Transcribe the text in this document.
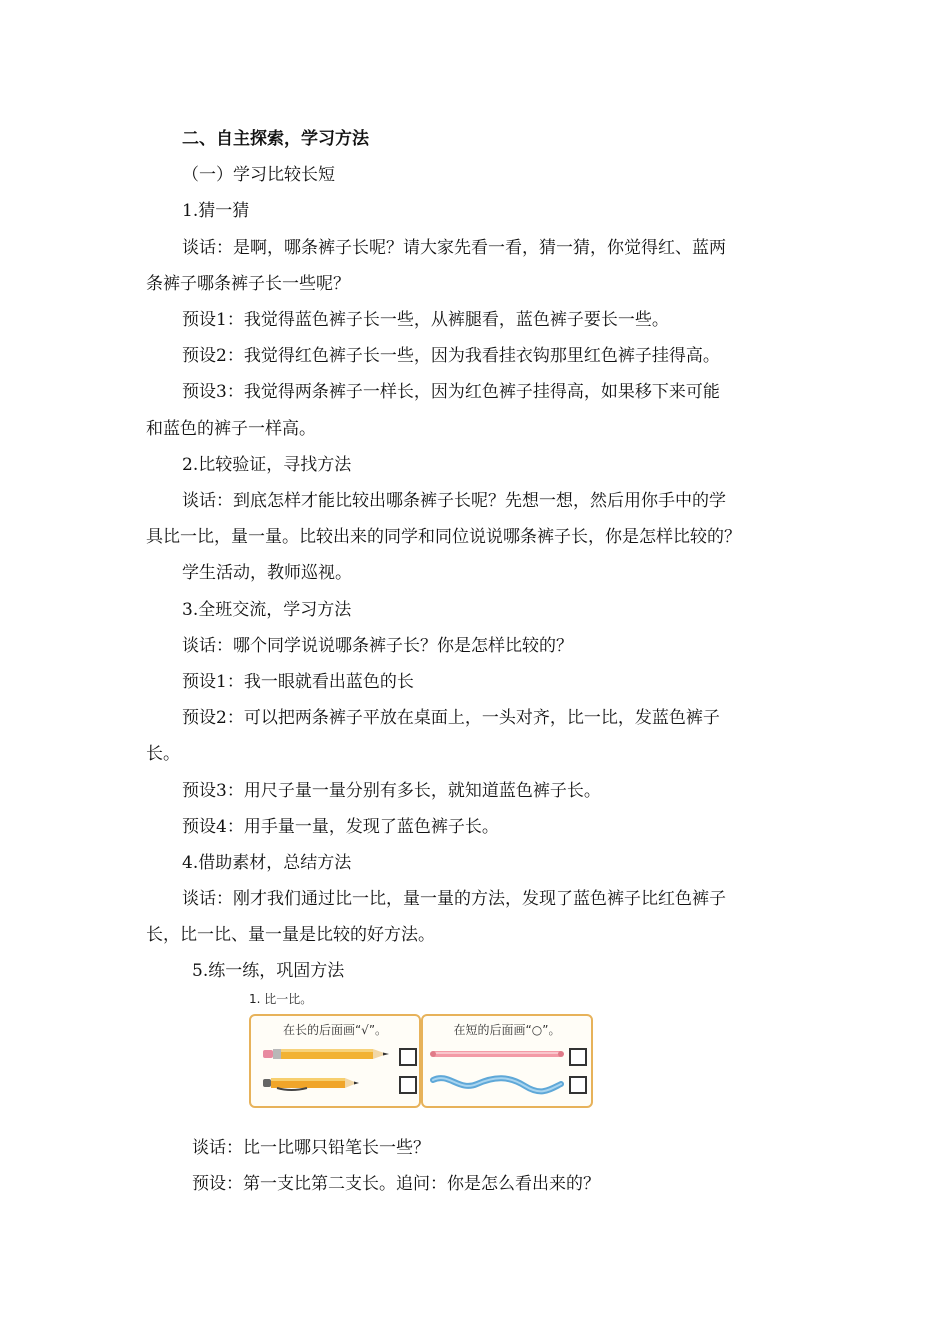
二、自主探索，学习方法
（一）学习比较长短
1.猜一猜
谈话：是啊，哪条裤子长呢？请大家先看一看，猜一猜，你觉得红、蓝两
条裤子哪条裤子长一些呢？
预设1：我觉得蓝色裤子长一些，从裤腿看，蓝色裤子要长一些。
预设2：我觉得红色裤子长一些，因为我看挂衣钩那里红色裤子挂得高。
预设3：我觉得两条裤子一样长，因为红色裤子挂得高，如果移下来可能
和蓝色的裤子一样高。
2.比较验证，寻找方法
谈话：到底怎样才能比较出哪条裤子长呢？先想一想，然后用你手中的学
具比一比，量一量。比较出来的同学和同位说说哪条裤子长，你是怎样比较的？
学生活动，教师巡视。
3.全班交流，学习方法
谈话：哪个同学说说哪条裤子长？你是怎样比较的？
预设1：我一眼就看出蓝色的长
预设2：可以把两条裤子平放在桌面上，一头对齐，比一比，发蓝色裤子
长。
预设3：用尺子量一量分别有多长，就知道蓝色裤子长。
预设4：用手量一量，发现了蓝色裤子长。
4.借助素材，总结方法
谈话：刚才我们通过比一比，量一量的方法，发现了蓝色裤子比红色裤子
长，比一比、量一量是比较的好方法。
5.练一练，巩固方法
1. 比一比。
在长的后面画“√”。	在短的后面画“○”。
谈话：比一比哪只铅笔长一些？
预设：第一支比第二支长。追问：你是怎么看出来的？
